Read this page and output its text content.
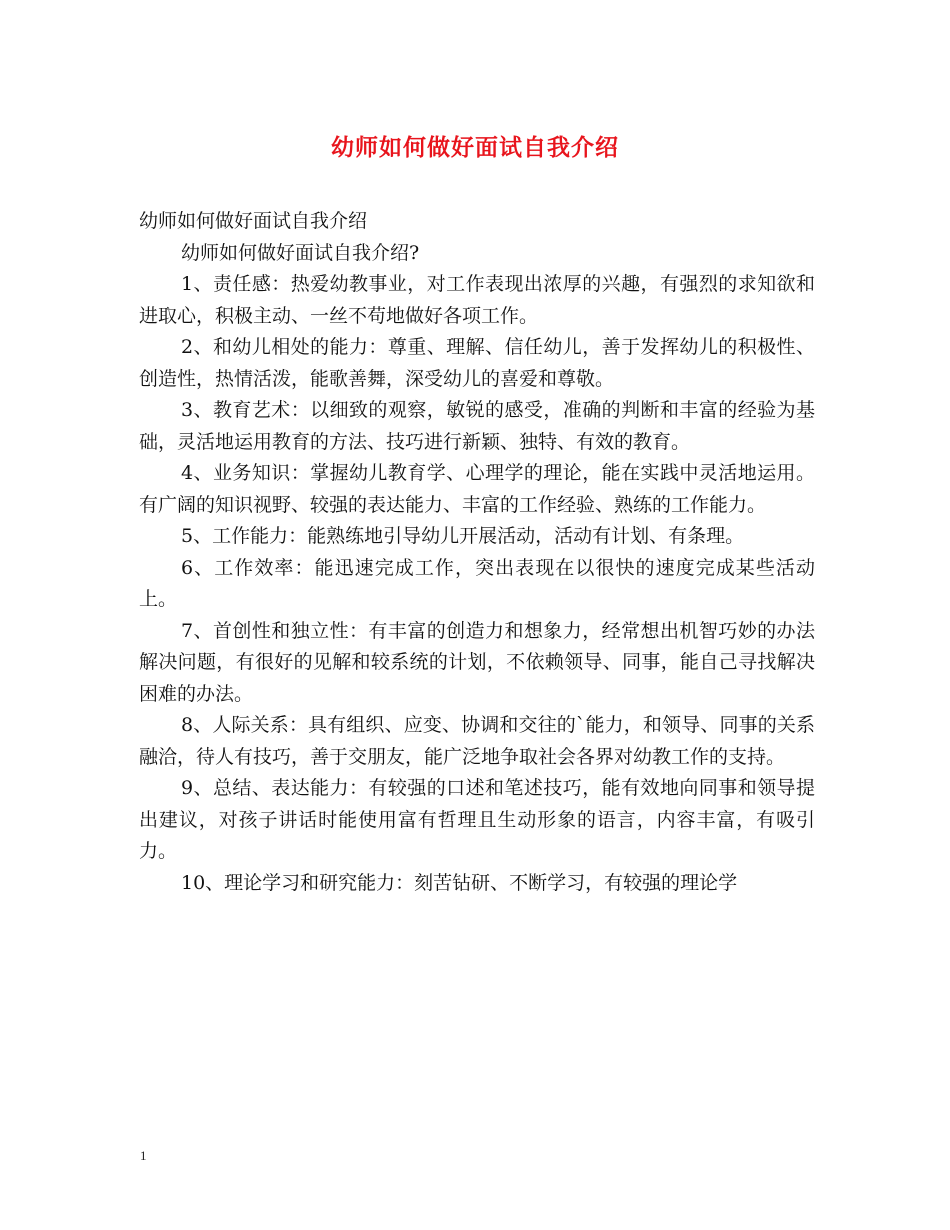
幼师如何做好面试自我介绍

幼师如何做好面试自我介绍

幼师如何做好面试自我介绍?

1、责任感：热爱幼教事业，对工作表现出浓厚的兴趣，有强烈的求知欲和进取心，积极主动、一丝不苟地做好各项工作。

2、和幼儿相处的能力：尊重、理解、信任幼儿，善于发挥幼儿的积极性、创造性，热情活泼，能歌善舞，深受幼儿的喜爱和尊敬。

3、教育艺术：以细致的观察，敏锐的感受，准确的判断和丰富的经验为基础，灵活地运用教育的方法、技巧进行新颖、独特、有效的教育。

4、业务知识：掌握幼儿教育学、心理学的理论，能在实践中灵活地运用。有广阔的知识视野、较强的表达能力、丰富的工作经验、熟练的工作能力。

5、工作能力：能熟练地引导幼儿开展活动，活动有计划、有条理。

6、工作效率：能迅速完成工作，突出表现在以很快的速度完成某些活动上。

7、首创性和独立性：有丰富的创造力和想象力，经常想出机智巧妙的办法解决问题，有很好的见解和较系统的计划，不依赖领导、同事，能自己寻找解决困难的办法。

8、人际关系：具有组织、应变、协调和交往的`能力，和领导、同事的关系融洽，待人有技巧，善于交朋友，能广泛地争取社会各界对幼教工作的支持。

9、总结、表达能力：有较强的口述和笔述技巧，能有效地向同事和领导提出建议，对孩子讲话时能使用富有哲理且生动形象的语言，内容丰富，有吸引力。

10、理论学习和研究能力：刻苦钻研、不断学习，有较强的理论学

1
